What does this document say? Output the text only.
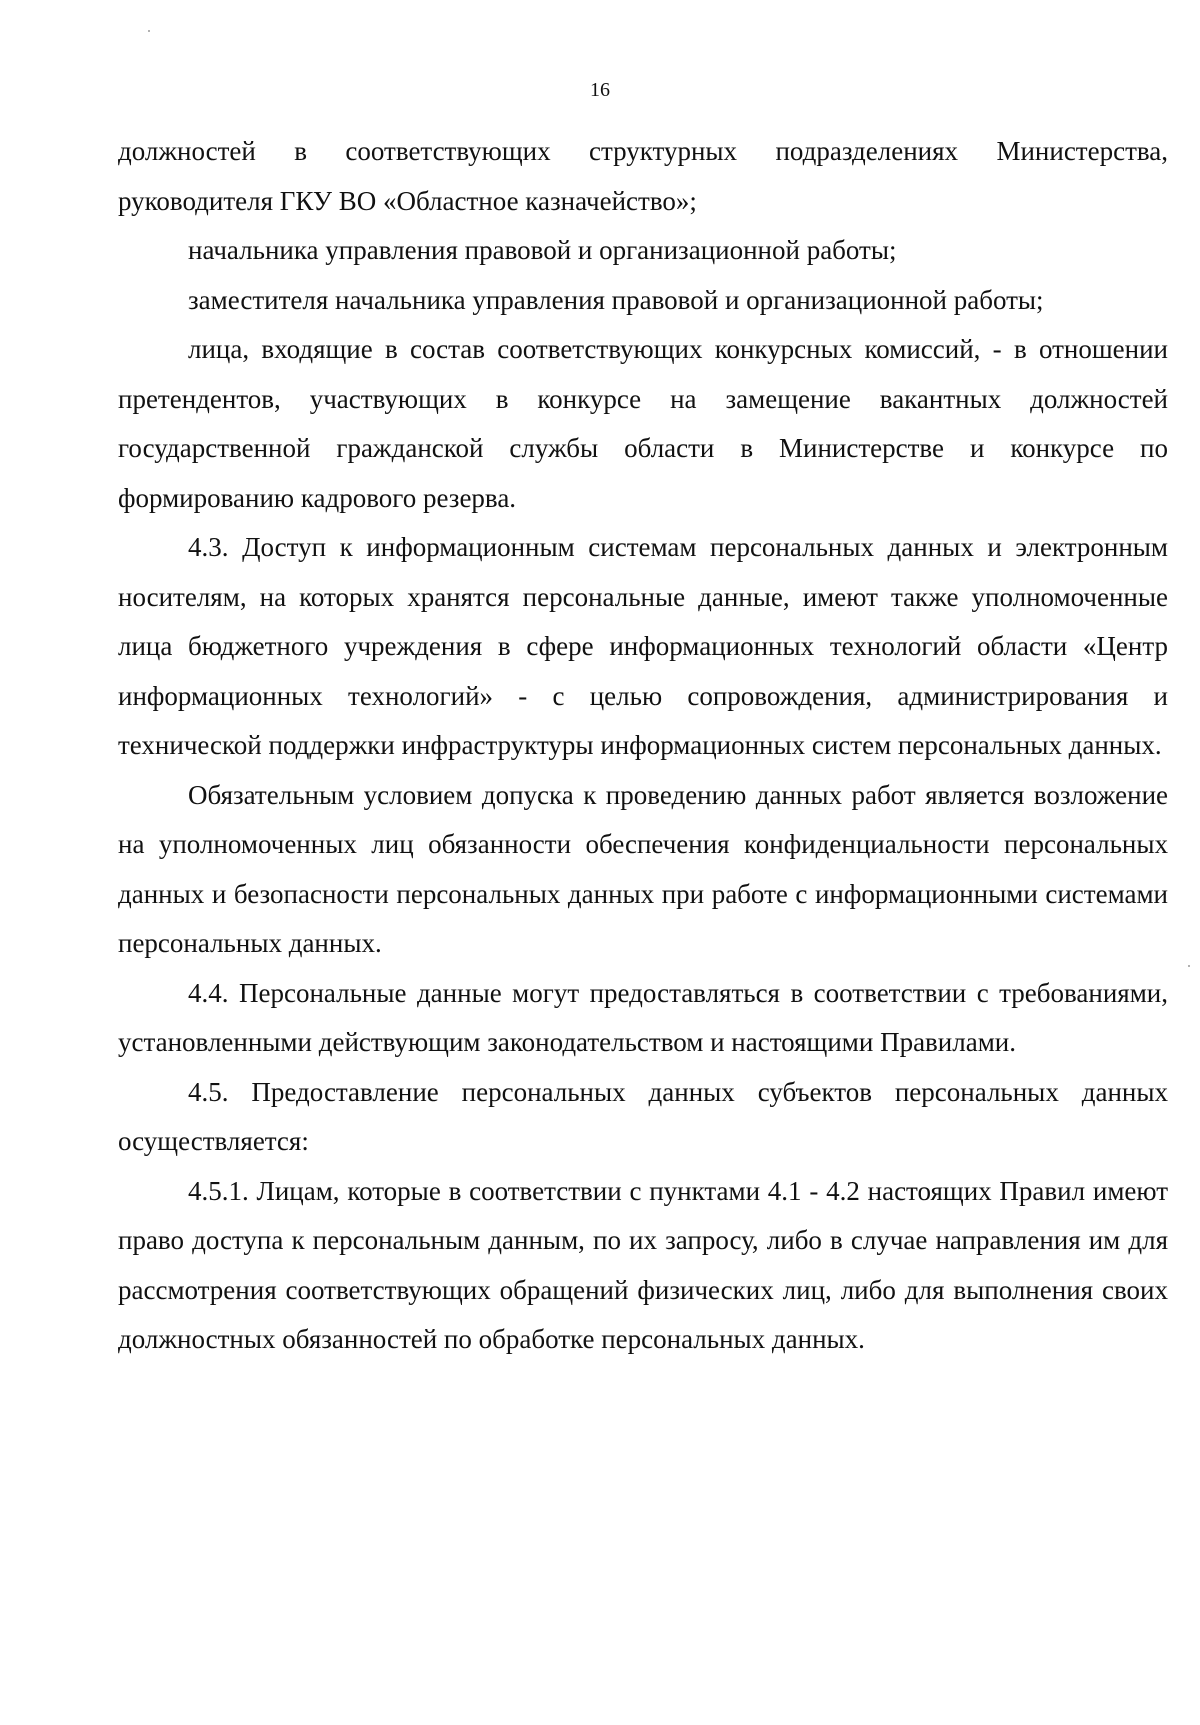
16

должностей в соответствующих структурных подразделениях Министерства, руководителя ГКУ ВО «Областное казначейство»;

начальника управления правовой и организационной работы;

заместителя начальника управления правовой и организационной работы;

лица, входящие в состав соответствующих конкурсных комиссий, - в отношении претендентов, участвующих в конкурсе на замещение вакантных должностей государственной гражданской службы области в Министерстве и конкурсе по формированию кадрового резерва.

4.3. Доступ к информационным системам персональных данных и электронным носителям, на которых хранятся персональные данные, имеют также уполномоченные лица бюджетного учреждения в сфере информационных технологий области «Центр информационных технологий» - с целью сопровождения, администрирования и технической поддержки инфраструктуры информационных систем персональных данных.

Обязательным условием допуска к проведению данных работ является возложение на уполномоченных лиц обязанности обеспечения конфиденциальности персональных данных и безопасности персональных данных при работе с информационными системами персональных данных.

4.4. Персональные данные могут предоставляться в соответствии с требованиями, установленными действующим законодательством и настоящими Правилами.

4.5. Предоставление персональных данных субъектов персональных данных осуществляется:

4.5.1. Лицам, которые в соответствии с пунктами 4.1 - 4.2 настоящих Правил имеют право доступа к персональным данным, по их запросу, либо в случае направления им для рассмотрения соответствующих обращений физических лиц, либо для выполнения своих должностных обязанностей по обработке персональных данных.
